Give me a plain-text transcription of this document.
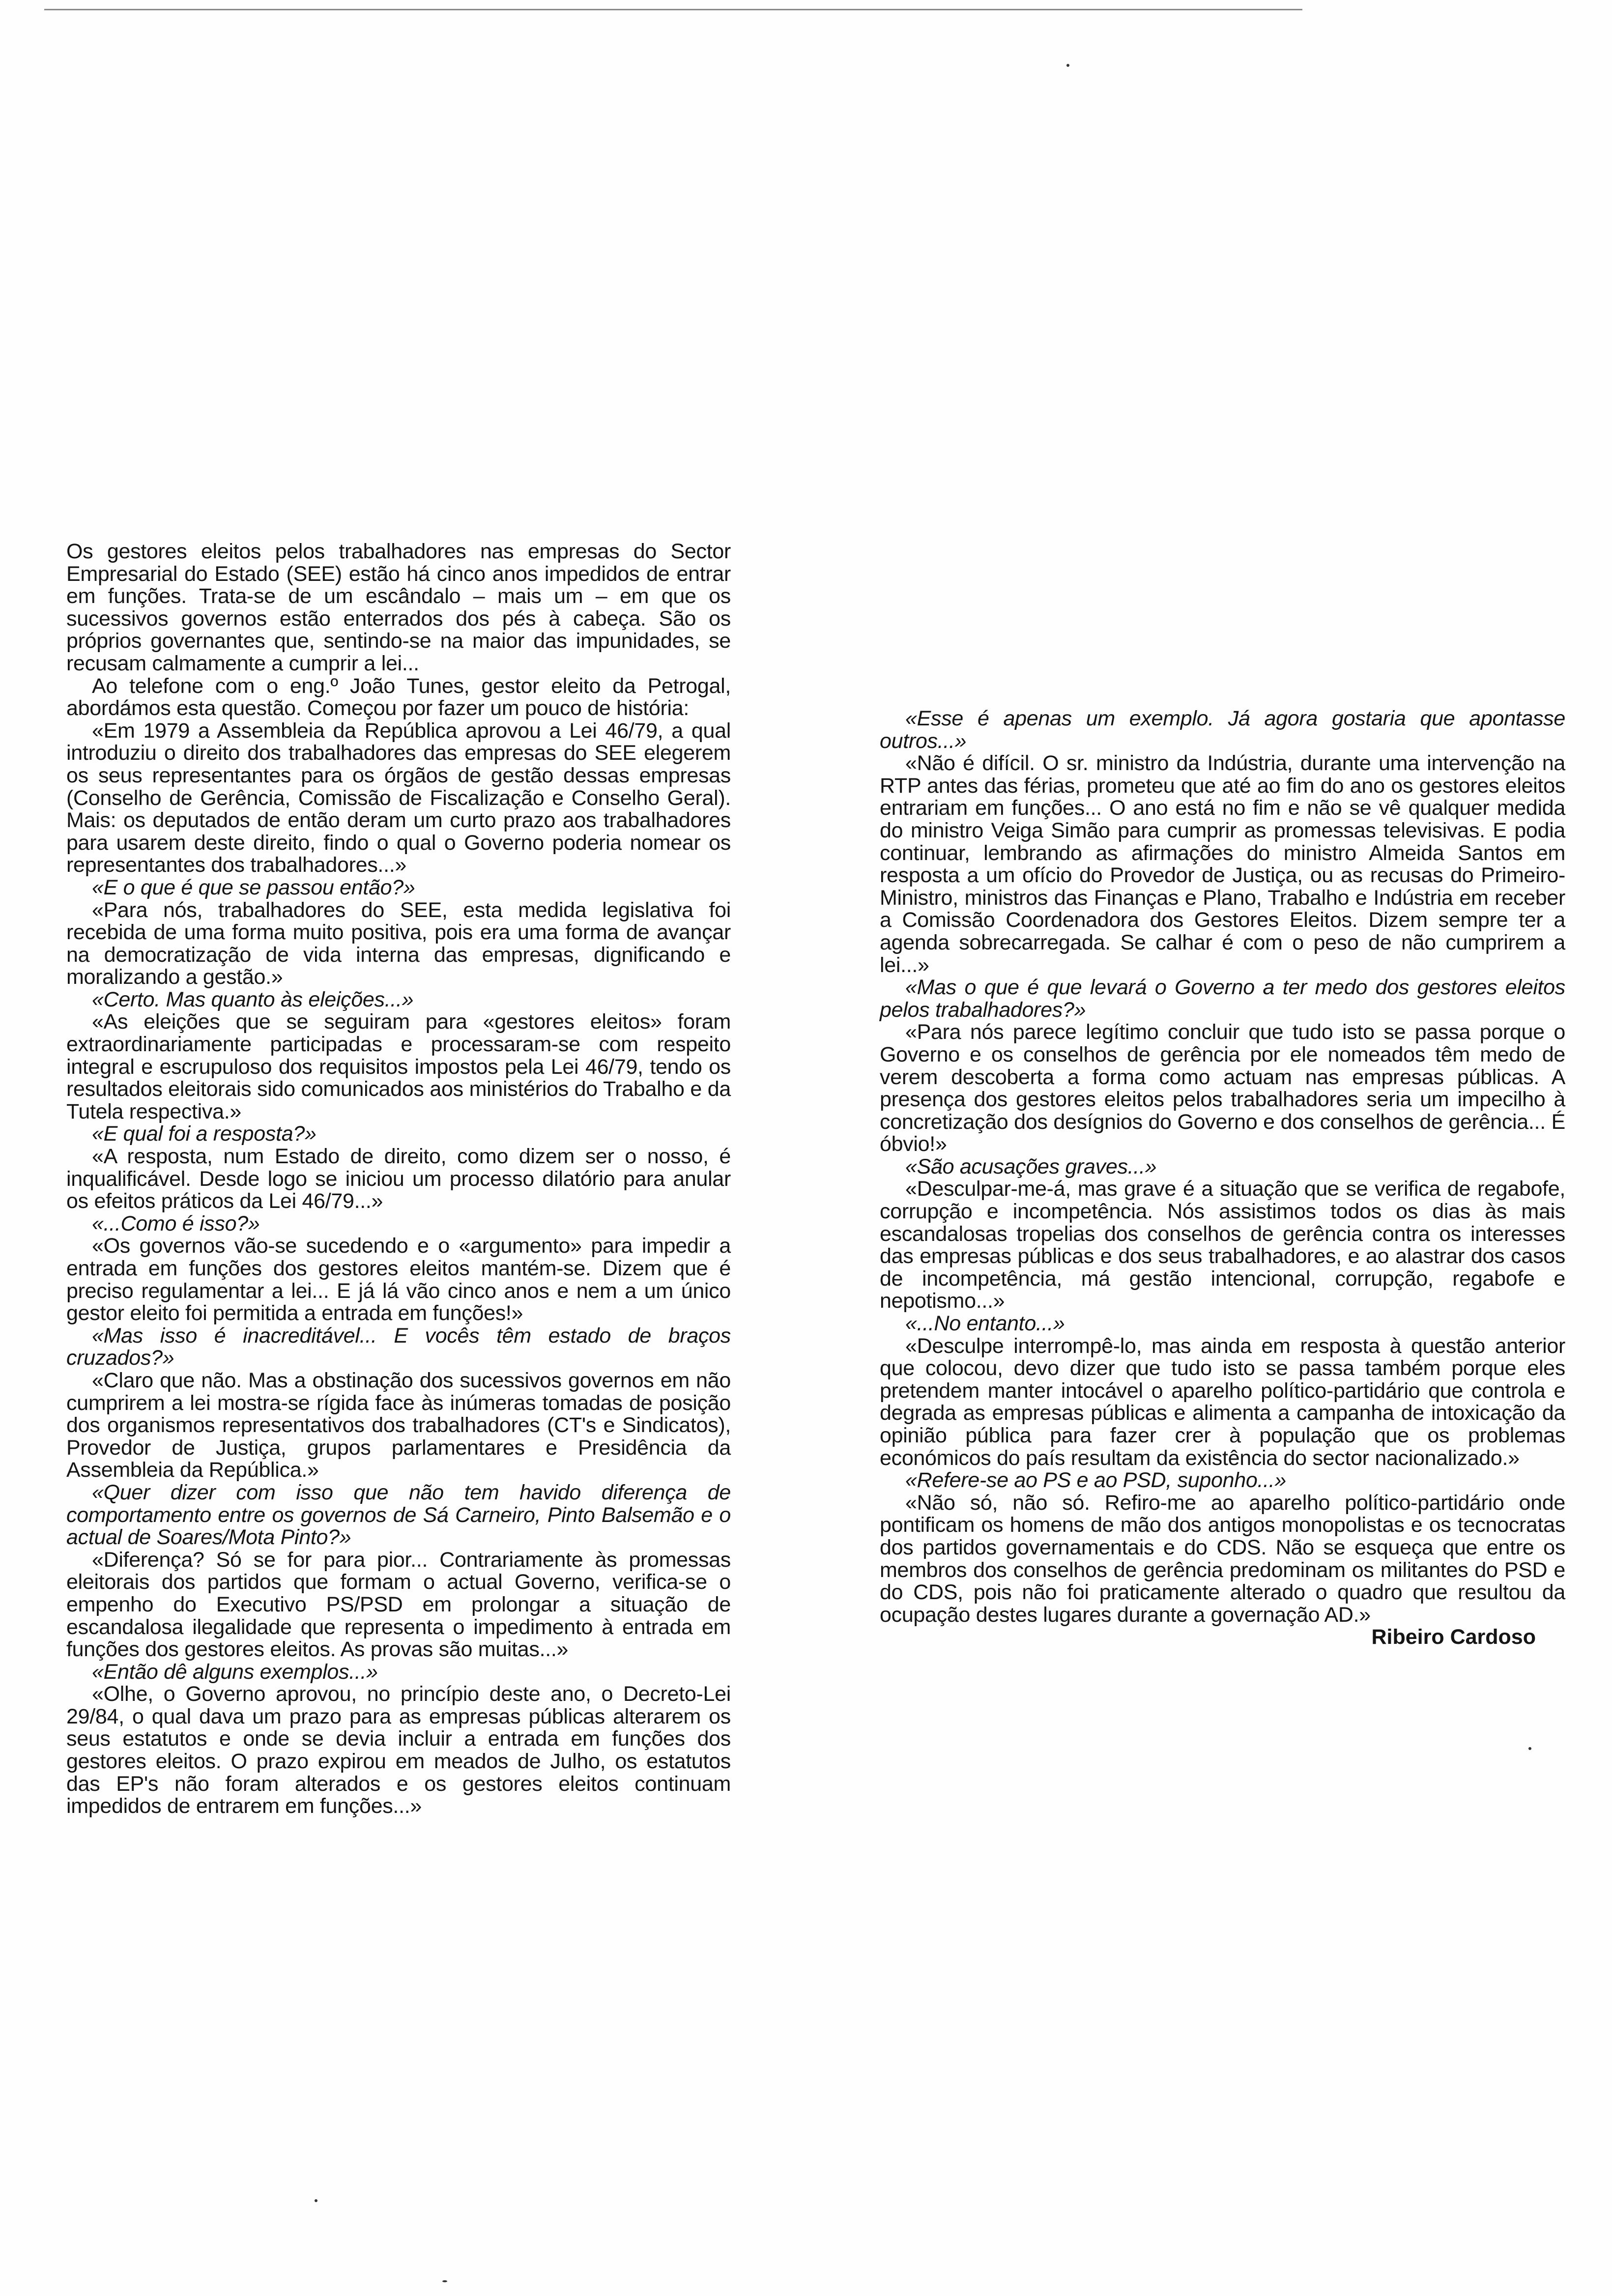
Os gestores eleitos pelos trabalhadores nas empresas do Sector Empresarial do Estado (SEE) estão há cinco anos impedidos de entrar em funções. Trata-se de um escândalo – mais um – em que os sucessivos governos estão enterrados dos pés à cabeça. São os próprios governantes que, sentindo-se na maior das impunidades, se recusam calmamente a cumprir a lei...

Ao telefone com o eng.º João Tunes, gestor eleito da Petrogal, abordámos esta questão. Começou por fazer um pouco de história:

«Em 1979 a Assembleia da República aprovou a Lei 46/79, a qual introduziu o direito dos trabalhadores das empresas do SEE elegerem os seus representantes para os órgãos de gestão dessas empresas (Conselho de Gerência, Comissão de Fiscalização e Conselho Geral). Mais: os deputados de então deram um curto prazo aos trabalhadores para usarem deste direito, findo o qual o Governo poderia nomear os representantes dos trabalhadores...»

«E o que é que se passou então?»

«Para nós, trabalhadores do SEE, esta medida legislativa foi recebida de uma forma muito positiva, pois era uma forma de avançar na democratização de vida interna das empresas, dignificando e moralizando a gestão.»

«Certo. Mas quanto às eleições...»

«As eleições que se seguiram para «gestores eleitos» foram extraordinariamente participadas e processaram-se com respeito integral e escrupuloso dos requisitos impostos pela Lei 46/79, tendo os resultados eleitorais sido comunicados aos ministérios do Trabalho e da Tutela respectiva.»

«E qual foi a resposta?»

«A resposta, num Estado de direito, como dizem ser o nosso, é inqualificável. Desde logo se iniciou um processo dilatório para anular os efeitos práticos da Lei 46/79...»

«...Como é isso?»

«Os governos vão-se sucedendo e o «argumento» para impedir a entrada em funções dos gestores eleitos mantém-se. Dizem que é preciso regulamentar a lei... E já lá vão cinco anos e nem a um único gestor eleito foi permitida a entrada em funções!»

«Mas isso é inacreditável... E vocês têm estado de braços cruzados?»

«Claro que não. Mas a obstinação dos sucessivos governos em não cumprirem a lei mostra-se rígida face às inúmeras tomadas de posição dos organismos representativos dos trabalhadores (CT's e Sindicatos), Provedor de Justiça, grupos parlamentares e Presidência da Assembleia da República.»

«Quer dizer com isso que não tem havido diferença de comportamento entre os governos de Sá Carneiro, Pinto Balsemão e o actual de Soares/Mota Pinto?»

«Diferença? Só se for para pior... Contrariamente às promessas eleitorais dos partidos que formam o actual Governo, verifica-se o empenho do Executivo PS/PSD em prolongar a situação de escandalosa ilegalidade que representa o impedimento à entrada em funções dos gestores eleitos. As provas são muitas...»

«Então dê alguns exemplos...»

«Olhe, o Governo aprovou, no princípio deste ano, o Decreto-Lei 29/84, o qual dava um prazo para as empresas públicas alterarem os seus estatutos e onde se devia incluir a entrada em funções dos gestores eleitos. O prazo expirou em meados de Julho, os estatutos das EP's não foram alterados e os gestores eleitos continuam impedidos de entrarem em funções...»

«Esse é apenas um exemplo. Já agora gostaria que apontasse outros...»

«Não é difícil. O sr. ministro da Indústria, durante uma intervenção na RTP antes das férias, prometeu que até ao fim do ano os gestores eleitos entrariam em funções... O ano está no fim e não se vê qualquer medida do ministro Veiga Simão para cumprir as promessas televisivas. E podia continuar, lembrando as afirmações do ministro Almeida Santos em resposta a um ofício do Provedor de Justiça, ou as recusas do Primeiro-Ministro, ministros das Finanças e Plano, Trabalho e Indústria em receber a Comissão Coordenadora dos Gestores Eleitos. Dizem sempre ter a agenda sobrecarregada. Se calhar é com o peso de não cumprirem a lei...»

«Mas o que é que levará o Governo a ter medo dos gestores eleitos pelos trabalhadores?»

«Para nós parece legítimo concluir que tudo isto se passa porque o Governo e os conselhos de gerência por ele nomeados têm medo de verem descoberta a forma como actuam nas empresas públicas. A presença dos gestores eleitos pelos trabalhadores seria um impecilho à concretização dos desígnios do Governo e dos conselhos de gerência... É óbvio!»

«São acusações graves...»

«Desculpar-me-á, mas grave é a situação que se verifica de regabofe, corrupção e incompetência. Nós assistimos todos os dias às mais escandalosas tropelias dos conselhos de gerência contra os interesses das empresas públicas e dos seus trabalhadores, e ao alastrar dos casos de incompetência, má gestão intencional, corrupção, regabofe e nepotismo...»

«...No entanto...»

«Desculpe interrompê-lo, mas ainda em resposta à questão anterior que colocou, devo dizer que tudo isto se passa também porque eles pretendem manter intocável o aparelho político-partidário que controla e degrada as empresas públicas e alimenta a campanha de intoxicação da opinião pública para fazer crer à população que os problemas económicos do país resultam da existência do sector nacionalizado.»

«Refere-se ao PS e ao PSD, suponho...»

«Não só, não só. Refiro-me ao aparelho político-partidário onde pontificam os homens de mão dos antigos monopolistas e os tecnocratas dos partidos governamentais e do CDS. Não se esqueça que entre os membros dos conselhos de gerência predominam os militantes do PSD e do CDS, pois não foi praticamente alterado o quadro que resultou da ocupação destes lugares durante a governação AD.»

Ribeiro Cardoso
